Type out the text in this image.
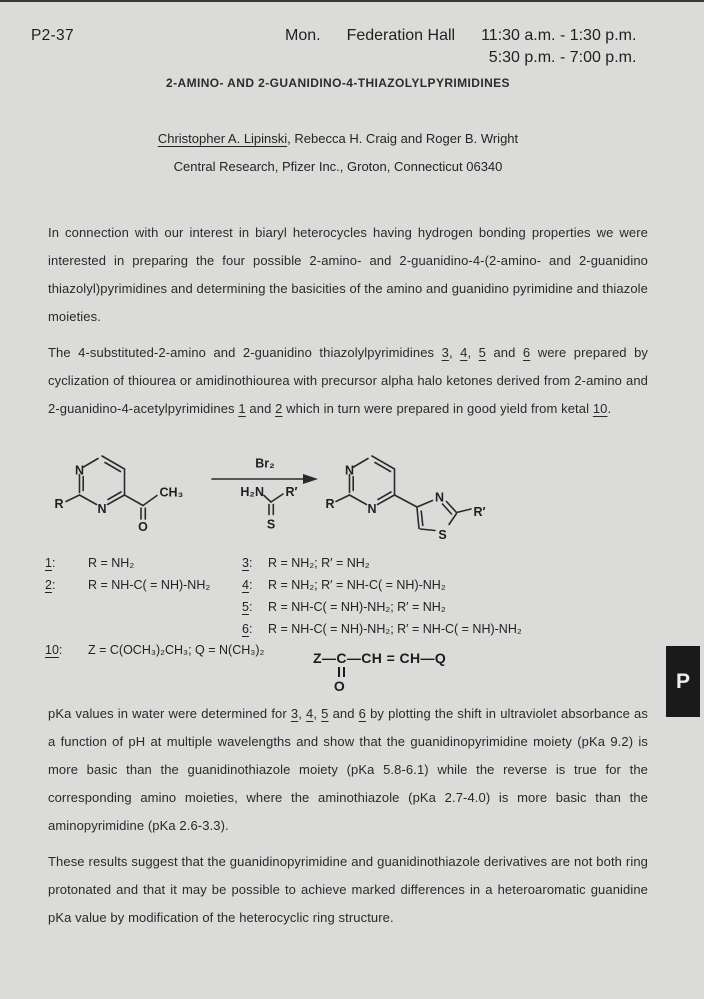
P2-37	Mon. Federation Hall 11:30 a.m. - 1:30 p.m.
5:30 p.m. - 7:00 p.m.
2-AMINO- AND 2-GUANIDINO-4-THIAZOLYLPYRIMIDINES
Christopher A. Lipinski, Rebecca H. Craig and Roger B. Wright
Central Research, Pfizer Inc., Groton, Connecticut 06340
In connection with our interest in biaryl heterocycles having hydrogen bonding properties we were interested in preparing the four possible 2-amino- and 2-guanidino-4-(2-amino- and 2-guanidino thiazolyl)pyrimidines and determining the basicities of the amino and guanidino pyrimidine and thiazole moieties.
The 4-substituted-2-amino and 2-guanidino thiazolylpyrimidines 3, 4, 5 and 6 were prepared by cyclization of thiourea or amidinothiourea with precursor alpha halo ketones derived from 2-amino and 2-guanidino-4-acetylpyrimidines 1 and 2 which in turn were prepared in good yield from ketal 10.
N
N
R
CH₃
O
Br₂
H₂N R′
S
N
N
R	N
S
R′
1:	R = NH₂
2:	R = NH-C( = NH)-NH₂
3: R = NH₂; R′ = NH₂
4: R = NH₂; R′ = NH-C( = NH)-NH₂
5: R = NH-C( = NH)-NH₂; R′ = NH₂
6: R = NH-C( = NH)-NH₂; R′ = NH-C( = NH)-NH₂
10: Z = C(OCH₃)₂CH₃; Q = N(CH₃)₂	Z—C—CH = CH—Q
O
pKa values in water were determined for 3, 4, 5 and 6 by plotting the shift in ultraviolet absorbance as a function of pH at multiple wavelengths and show that the guanidinopyrimidine moiety (pKa 9.2) is more basic than the guanidinothiazole moiety (pKa 5.8-6.1) while the reverse is true for the corresponding amino moieties, where the aminothiazole (pKa 2.7-4.0) is more basic than the aminopyrimidine (pKa 2.6-3.3).
These results suggest that the guanidinopyrimidine and guanidinothiazole derivatives are not both ring protonated and that it may be possible to achieve marked differences in a heteroaromatic guanidine pKa value by modification of the heterocyclic ring structure.
P
